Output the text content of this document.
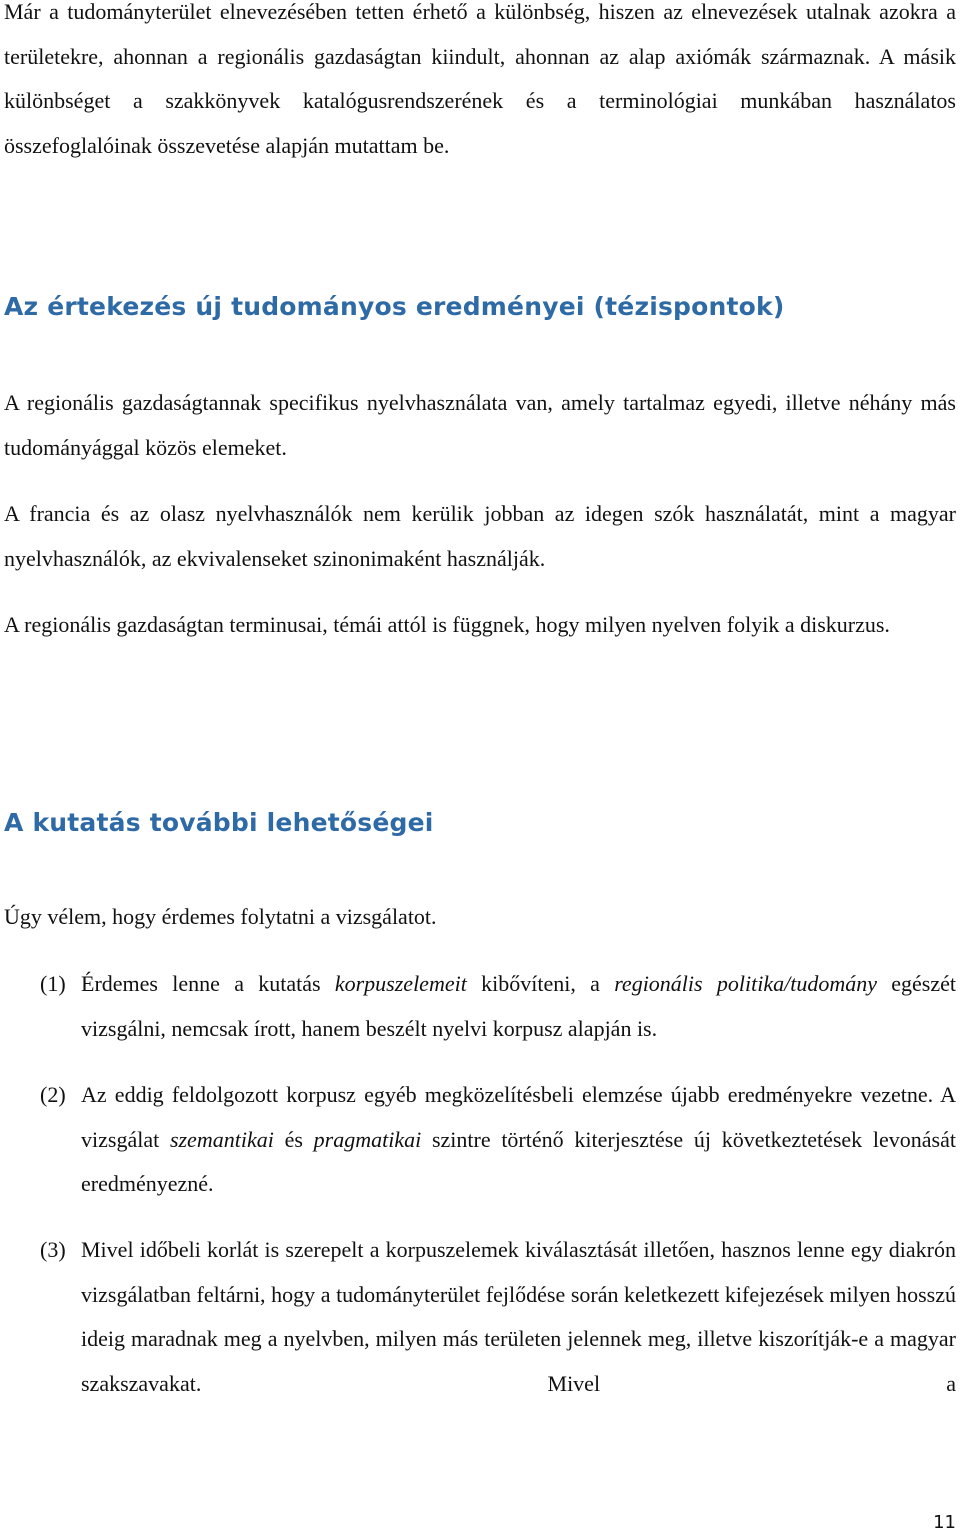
Már a tudományterület elnevezésében tetten érhető a különbség, hiszen az elnevezések utalnak azokra a területekre, ahonnan a regionális gazdaságtan kiindult, ahonnan az alap axiómák származnak. A másik különbséget a szakkönyvek katalógusrendszerének és a terminológiai munkában használatos összefoglalóinak összevetése alapján mutattam be.

Az értekezés új tudományos eredményei (tézispontok)

A regionális gazdaságtannak specifikus nyelvhasználata van, amely tartalmaz egyedi, illetve néhány más tudományággal közös elemeket.

A francia és az olasz nyelvhasználók nem kerülik jobban az idegen szók használatát, mint a magyar nyelvhasználók, az ekvivalenseket szinonimaként használják.

A regionális gazdaságtan terminusai, témái attól is függnek, hogy milyen nyelven folyik a diskurzus.

A kutatás további lehetőségei

Úgy vélem, hogy érdemes folytatni a vizsgálatot.

(1) Érdemes lenne a kutatás korpuszelemeit kibővíteni, a regionális politika/tudomány egészét vizsgálni, nemcsak írott, hanem beszélt nyelvi korpusz alapján is.

(2) Az eddig feldolgozott korpusz egyéb megközelítésbeli elemzése újabb eredményekre vezetne. A vizsgálat szemantikai és pragmatikai szintre történő kiterjesztése új következtetések levonását eredményezné.

(3) Mivel időbeli korlát is szerepelt a korpuszelemek kiválasztását illetően, hasznos lenne egy diakrón vizsgálatban feltárni, hogy a tudományterület fejlődése során keletkezett kifejezések milyen hosszú ideig maradnak meg a nyelvben, milyen más területen jelennek meg, illetve kiszorítják-e a magyar szakszavakat. Mivel a

11
